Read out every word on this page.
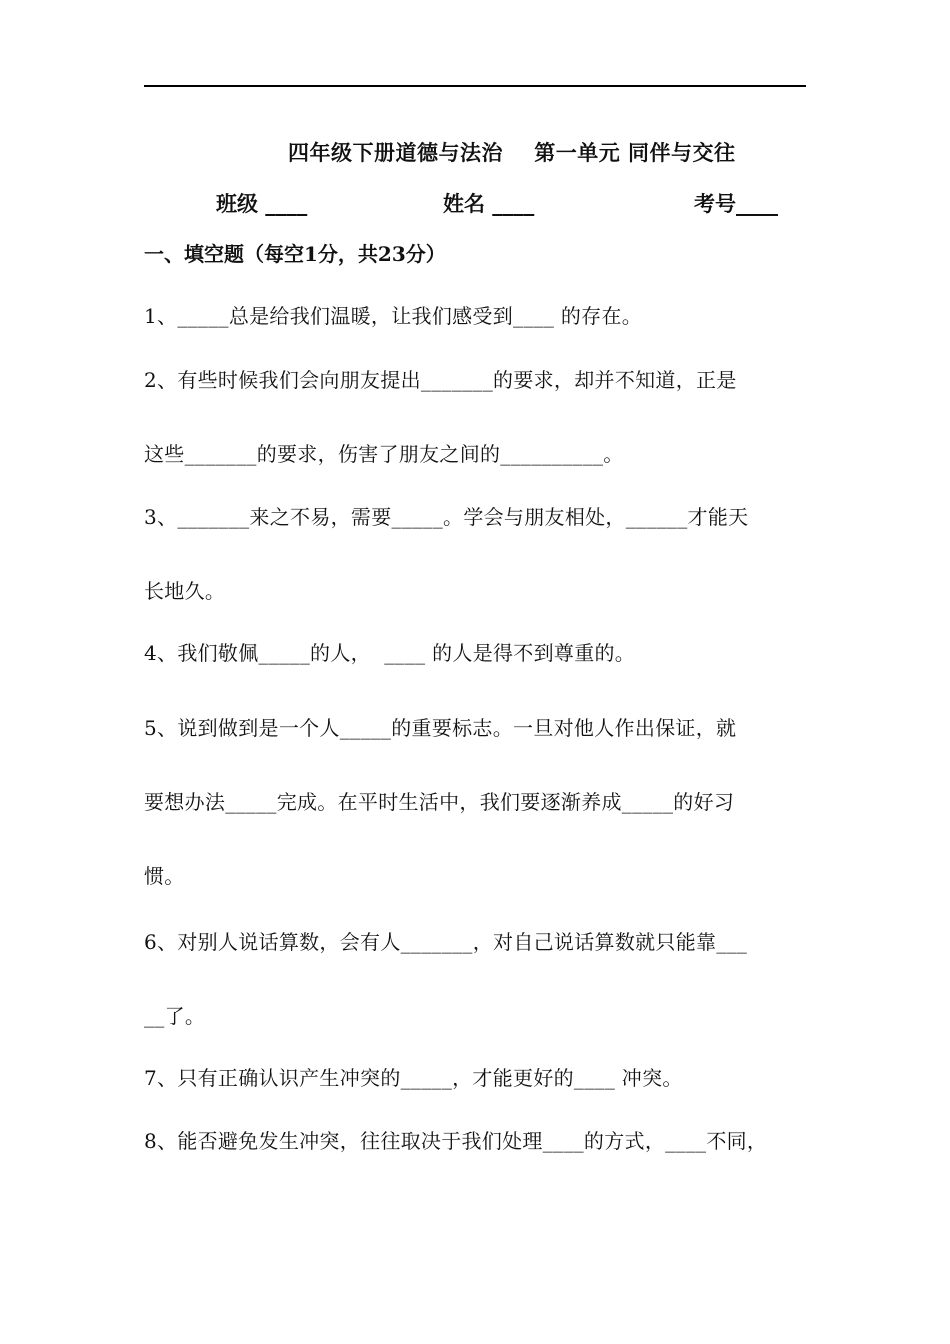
四年级下册道德与法治    第一单元 同伴与交往
班级 ____	姓名 ____	考号____
一、填空题（每空1分，共23分）
1、_____总是给我们温暖，让我们感受到____ 的存在。
2、有些时候我们会向朋友提出_______的要求，却并不知道，正是
这些_______的要求，伤害了朋友之间的__________。
3、_______来之不易，需要_____。学会与朋友相处，______才能天
长地久。
4、我们敬佩_____的人，  ____ 的人是得不到尊重的。
5、说到做到是一个人_____的重要标志。一旦对他人作出保证，就
要想办法_____完成。在平时生活中，我们要逐渐养成_____的好习
惯。
6、对别人说话算数，会有人_______，对自己说话算数就只能靠___
__了。
7、只有正确认识产生冲突的_____，才能更好的____ 冲突。
8、能否避免发生冲突，往往取决于我们处理____的方式，____不同，
